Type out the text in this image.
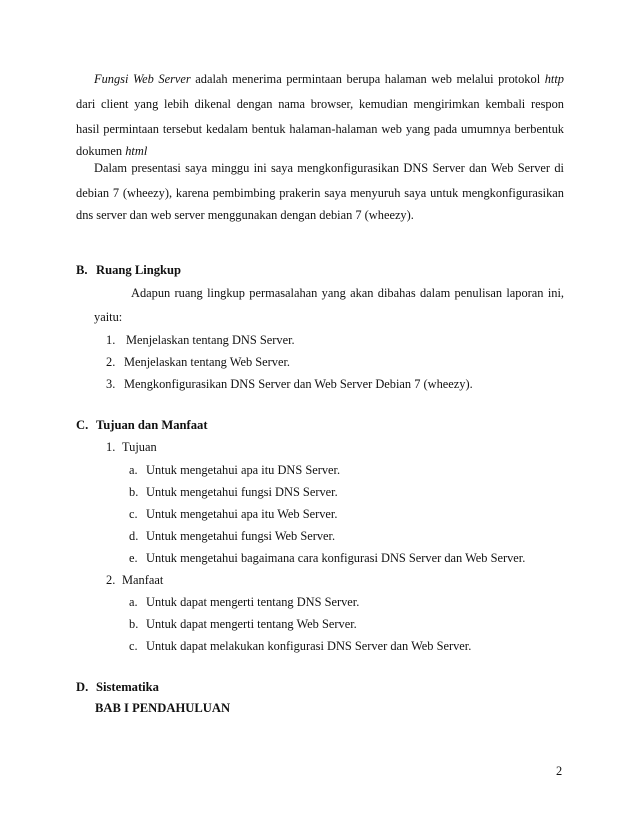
Fungsi Web Server adalah menerima permintaan berupa halaman web melalui protokol http
dari client yang lebih dikenal dengan nama browser, kemudian mengirimkan kembali respon
hasil permintaan tersebut kedalam bentuk halaman-halaman web yang pada umumnya berbentuk
dokumen html
Dalam presentasi saya minggu ini saya mengkonfigurasikan DNS Server dan Web Server di
debian 7 (wheezy), karena pembimbing prakerin saya menyuruh saya untuk mengkonfigurasikan
dns server dan web server menggunakan dengan debian 7 (wheezy).
B. Ruang Lingkup
Adapun ruang lingkup permasalahan yang akan dibahas dalam penulisan laporan ini,
yaitu:
1. Menjelaskan tentang DNS Server.
2. Menjelaskan tentang Web Server.
3. Mengkonfigurasikan DNS Server dan Web Server Debian 7 (wheezy).
C. Tujuan dan Manfaat
1. Tujuan
a. Untuk mengetahui apa itu DNS Server.
b. Untuk mengetahui fungsi DNS Server.
c. Untuk mengetahui apa itu Web Server.
d. Untuk mengetahui fungsi Web Server.
e. Untuk mengetahui bagaimana cara konfigurasi DNS Server dan Web Server.
2. Manfaat
a. Untuk dapat mengerti tentang DNS Server.
b. Untuk dapat mengerti tentang Web Server.
c. Untuk dapat melakukan konfigurasi DNS Server dan Web Server.
D. Sistematika
BAB I PENDAHULUAN
2
